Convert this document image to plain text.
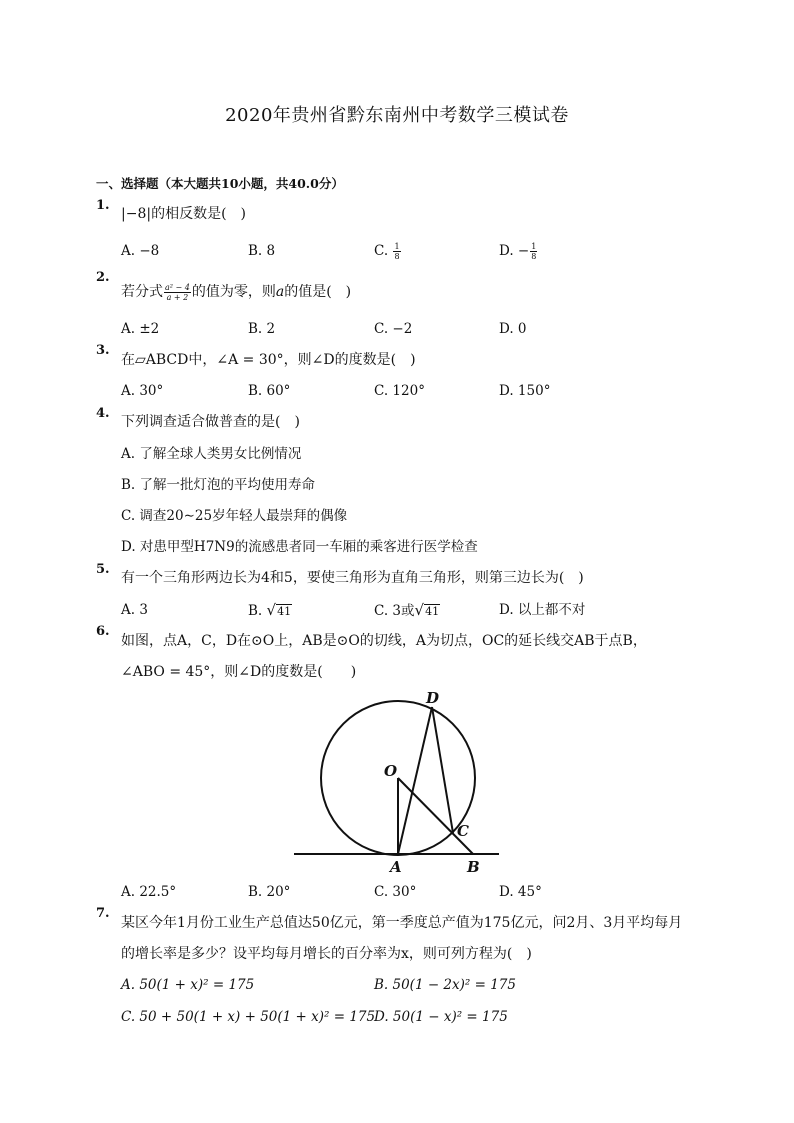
2020年贵州省黔东南州中考数学三模试卷
一、选择题（本大题共10小题，共40.0分）
1.
|−8|的相反数是(　)
A. −8	B. 8	C. $\frac{1}{8}$	D. − $\frac{1}{8}$
2.
若分式 $\frac{\text{a² − 4}}{a + 2}$ 的值为零，则a的值是(　)
A. ±2	B. 2	C. −2	D. 0
3.
在▱ABCD中，∠A = 30°，则∠D的度数是(　)
A. 30°	B. 60°	C. 120°	D. 150°
4.
下列调查适合做普查的是(　)
A. 了解全球人类男女比例情况
B. 了解一批灯泡的平均使用寿命
C. 调查20∼25岁年轻人最崇拜的偶像
D. 对患甲型H7N9的流感患者同一车厢的乘客进行医学检查
5.
有一个三角形两边长为4和5，要使三角形为直角三角形，则第三边长为(　)
A. 3	B. √41	C. 3或√41	D. 以上都不对
6.
如图，点A，C，D在⊙O上，AB是⊙O的切线，A为切点，OC的延长线交AB于点B，
∠ABO = 45°，则∠D的度数是(　　)
D
O
C
A	B
A. 22.5°	B. 20°	C. 30°	D. 45°
7.
某区今年1月份工业生产总值达50亿元，第一季度总产值为175亿元，问2月、3月平均每月
的增长率是多少？设平均每月增长的百分率为x，则可列方程为(　)
A. 50(1 + x)² = 175	B. 50(1 − 2x)² = 175
C. 50 + 50(1 + x) + 50(1 + x)² = 175
D. 50(1 − x)² = 175
